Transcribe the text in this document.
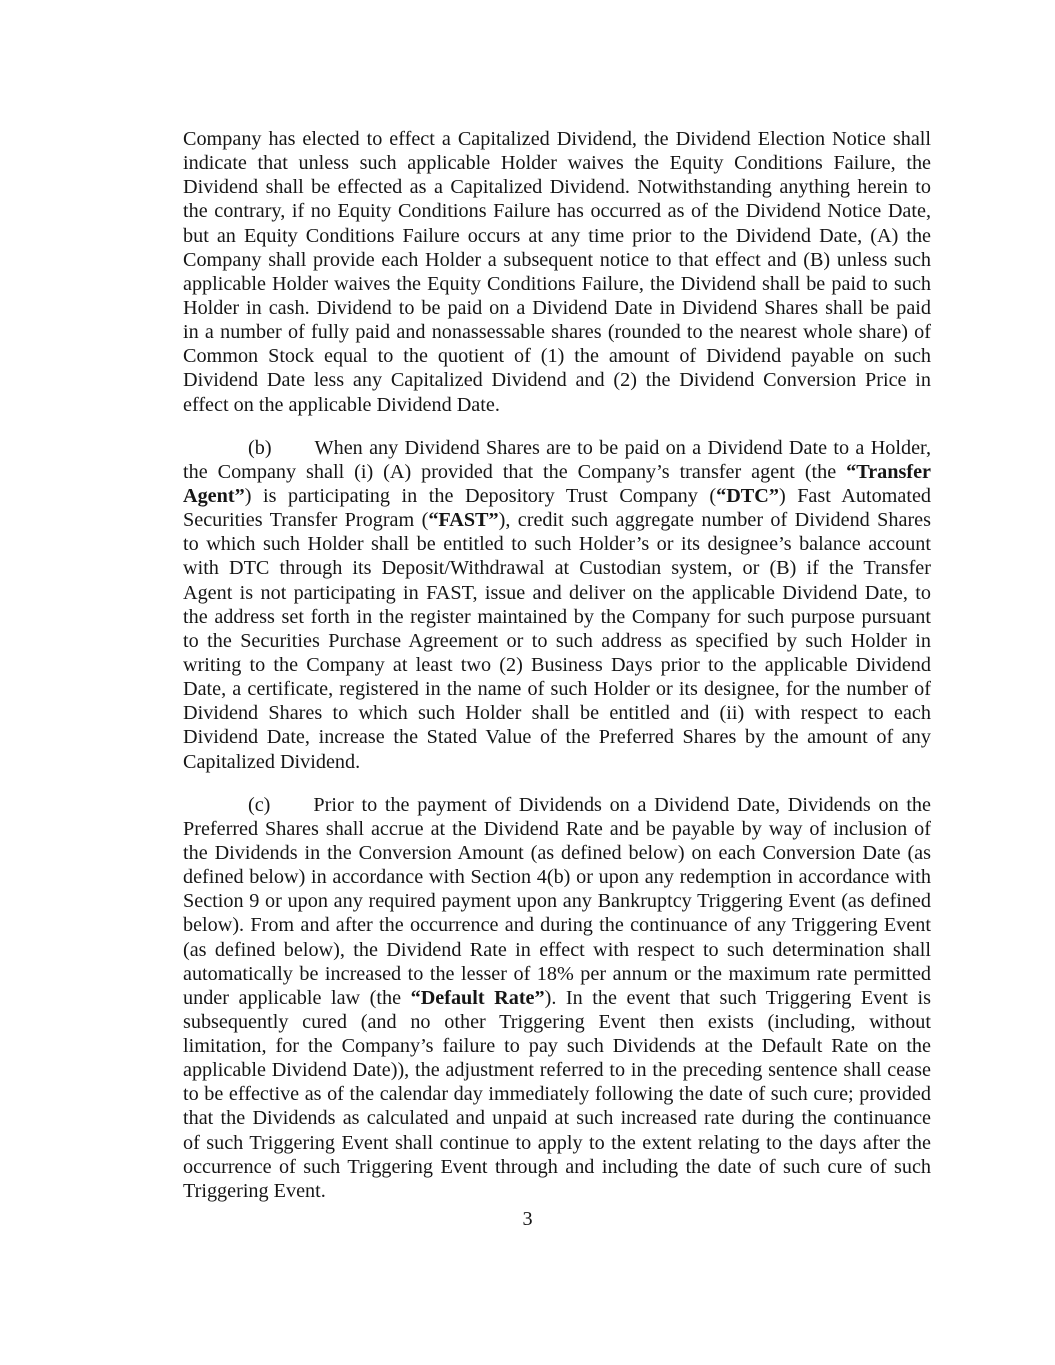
Company has elected to effect a Capitalized Dividend, the Dividend Election Notice shall
indicate that unless such applicable Holder waives the Equity Conditions Failure, the
Dividend shall be effected as a Capitalized Dividend. Notwithstanding anything herein to
the contrary, if no Equity Conditions Failure has occurred as of the Dividend Notice Date,
but an Equity Conditions Failure occurs at any time prior to the Dividend Date, (A) the
Company shall provide each Holder a subsequent notice to that effect and (B) unless such
applicable Holder waives the Equity Conditions Failure, the Dividend shall be paid to such
Holder in cash. Dividend to be paid on a Dividend Date in Dividend Shares shall be paid
in a number of fully paid and nonassessable shares (rounded to the nearest whole share) of
Common Stock equal to the quotient of (1) the amount of Dividend payable on such
Dividend Date less any Capitalized Dividend and (2) the Dividend Conversion Price in
effect on the applicable Dividend Date.
(b) When any Dividend Shares are to be paid on a Dividend Date to a Holder,
the Company shall (i) (A) provided that the Company’s transfer agent (the “Transfer
Agent”) is participating in the Depository Trust Company (“DTC”) Fast Automated
Securities Transfer Program (“FAST”), credit such aggregate number of Dividend Shares
to which such Holder shall be entitled to such Holder’s or its designee’s balance account
with DTC through its Deposit/Withdrawal at Custodian system, or (B) if the Transfer
Agent is not participating in FAST, issue and deliver on the applicable Dividend Date, to
the address set forth in the register maintained by the Company for such purpose pursuant
to the Securities Purchase Agreement or to such address as specified by such Holder in
writing to the Company at least two (2) Business Days prior to the applicable Dividend
Date, a certificate, registered in the name of such Holder or its designee, for the number of
Dividend Shares to which such Holder shall be entitled and (ii) with respect to each
Dividend Date, increase the Stated Value of the Preferred Shares by the amount of any
Capitalized Dividend.
(c) Prior to the payment of Dividends on a Dividend Date, Dividends on the
Preferred Shares shall accrue at the Dividend Rate and be payable by way of inclusion of
the Dividends in the Conversion Amount (as defined below) on each Conversion Date (as
defined below) in accordance with Section 4(b) or upon any redemption in accordance with
Section 9 or upon any required payment upon any Bankruptcy Triggering Event (as defined
below). From and after the occurrence and during the continuance of any Triggering Event
(as defined below), the Dividend Rate in effect with respect to such determination shall
automatically be increased to the lesser of 18% per annum or the maximum rate permitted
under applicable law (the “Default Rate”). In the event that such Triggering Event is
subsequently cured (and no other Triggering Event then exists (including, without
limitation, for the Company’s failure to pay such Dividends at the Default Rate on the
applicable Dividend Date)), the adjustment referred to in the preceding sentence shall cease
to be effective as of the calendar day immediately following the date of such cure; provided
that the Dividends as calculated and unpaid at such increased rate during the continuance
of such Triggering Event shall continue to apply to the extent relating to the days after the
occurrence of such Triggering Event through and including the date of such cure of such
Triggering Event.
3
